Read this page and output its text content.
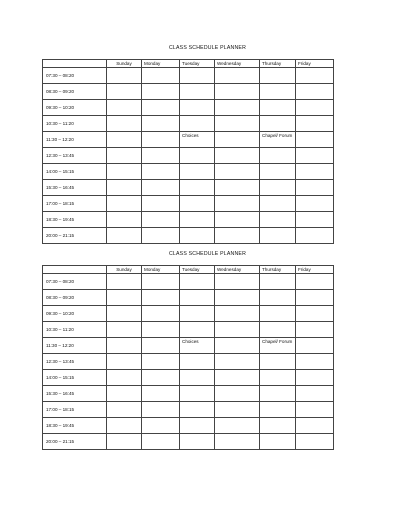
CLASS SCHEDULE PLANNER
	Sunday	Monday	Tuesday	Wednesday	Thursday	Friday
07:30 – 08:20						
08:30 – 09:20						
09:30 – 10:20						
10:30 – 11:20						
11:30 – 12:20			Choices		Chapel/ Forum	
12:30 – 13:45						
14:00 – 15:15						
15:30 – 16:45						
17:00 – 18:15						
18:30 – 19:45						
20:00 – 21:15						
CLASS SCHEDULE PLANNER
	Sunday	Monday	Tuesday	Wednesday	Thursday	Friday
07:30 – 08:20						
08:30 – 09:20						
09:30 – 10:20						
10:30 – 11:20						
11:30 – 12:20			Choices		Chapel/ Forum	
12:30 – 13:45						
14:00 – 15:15						
15:30 – 16:45						
17:00 – 18:15						
18:30 – 19:45						
20:00 – 21:15						
